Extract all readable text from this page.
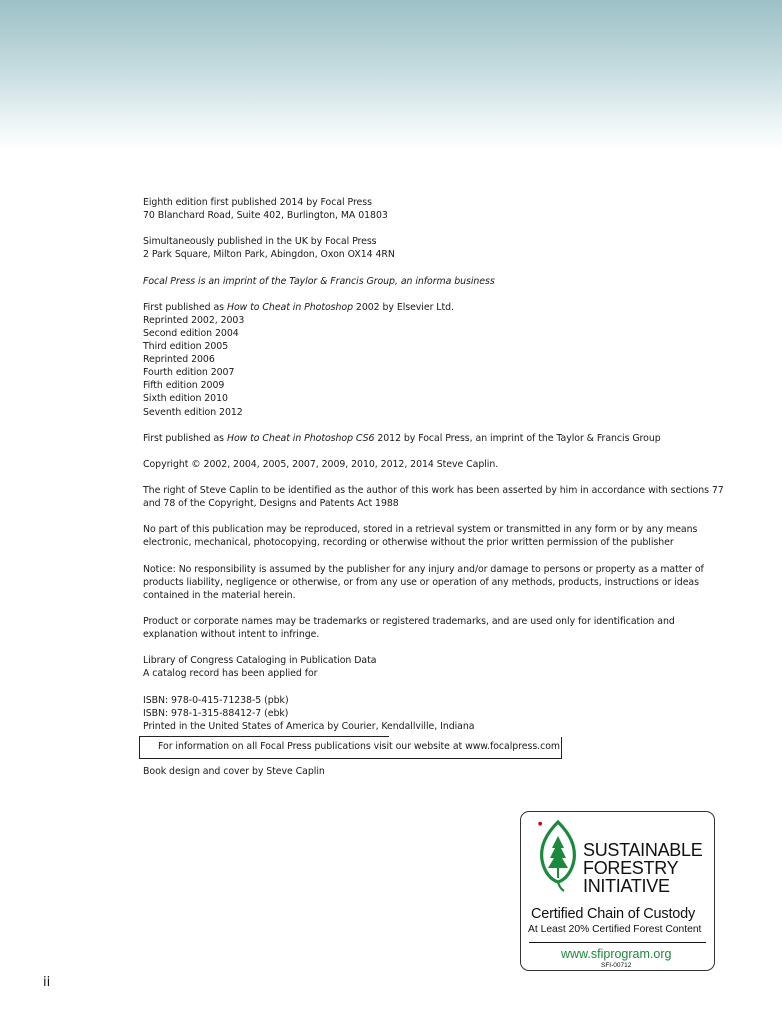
Eighth edition first published 2014 by Focal Press
70 Blanchard Road, Suite 402, Burlington, MA 01803

Simultaneously published in the UK by Focal Press
2 Park Square, Milton Park, Abingdon, Oxon OX14 4RN

Focal Press is an imprint of the Taylor & Francis Group, an informa business

First published as How to Cheat in Photoshop 2002 by Elsevier Ltd.
Reprinted 2002, 2003
Second edition 2004
Third edition 2005
Reprinted 2006
Fourth edition 2007
Fifth edition 2009
Sixth edition 2010
Seventh edition 2012

First published as How to Cheat in Photoshop CS6 2012 by Focal Press, an imprint of the Taylor & Francis Group

Copyright © 2002, 2004, 2005, 2007, 2009, 2010, 2012, 2014 Steve Caplin.

The right of Steve Caplin to be identified as the author of this work has been asserted by him in accordance with sections 77
and 78 of the Copyright, Designs and Patents Act 1988

No part of this publication may be reproduced, stored in a retrieval system or transmitted in any form or by any means
electronic, mechanical, photocopying, recording or otherwise without the prior written permission of the publisher

Notice: No responsibility is assumed by the publisher for any injury and/or damage to persons or property as a matter of
products liability, negligence or otherwise, or from any use or operation of any methods, products, instructions or ideas
contained in the material herein.

Product or corporate names may be trademarks or registered trademarks, and are used only for identification and
explanation without intent to infringe.

Library of Congress Cataloging in Publication Data
A catalog record has been applied for

ISBN: 978-0-415-71238-5 (pbk)
ISBN: 978-1-315-88412-7 (ebk)
Printed in the United States of America by Courier, Kendallville, Indiana

For information on all Focal Press publications visit our website at www.focalpress.com

Book design and cover by Steve Caplin

●
SUSTAINABLE
FORESTRY
INITIATIVE
Certified Chain of Custody
At Least 20% Certified Forest Content
www.sfiprogram.org
SFI-00712
ii
